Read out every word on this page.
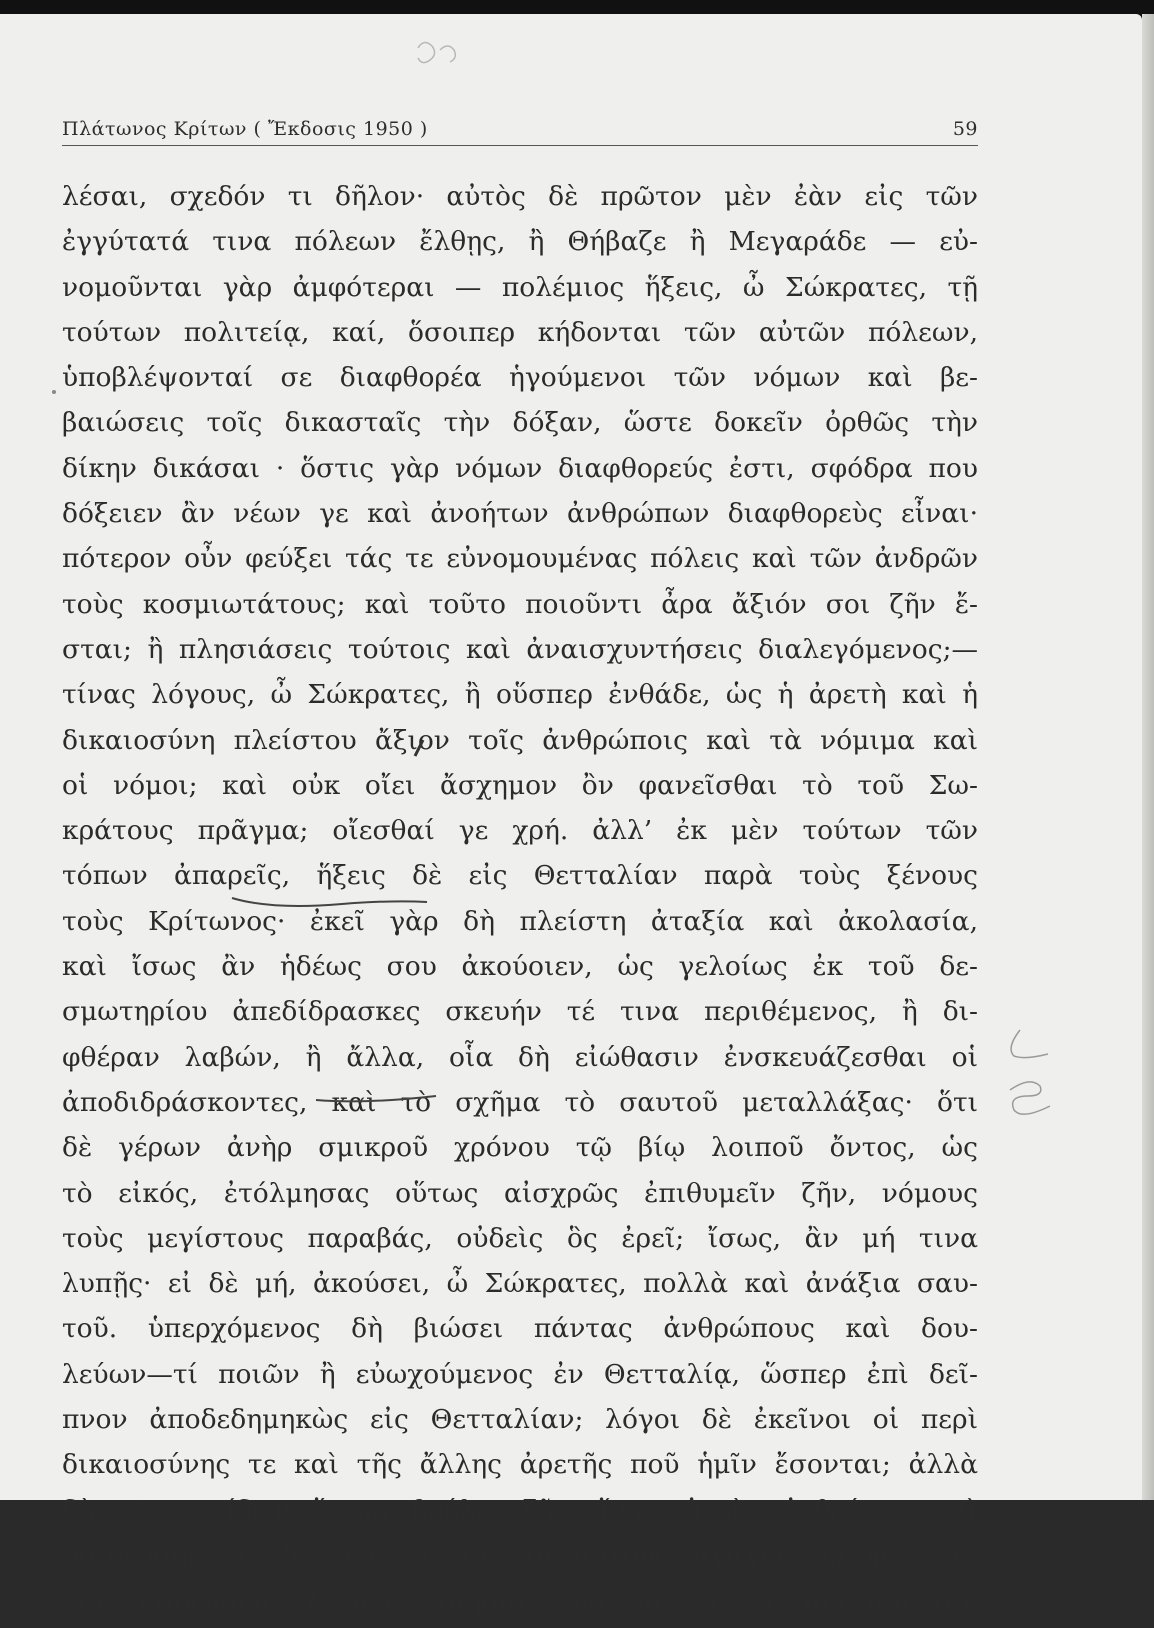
Πλάτωνος Κρίτων ( Ἔκδοσις 1950 )	59
λέσαι, σχεδόν τι δῆλον· αὐτὸς δὲ πρῶτον μὲν ἐὰν εἰς τῶν
ἐγγύτατά τινα πόλεων ἔλθῃς, ἢ Θήβαζε ἢ Μεγαράδε — εὐ-
νομοῦνται γὰρ ἀμφότεραι — πολέμιος ἥξεις, ὦ Σώκρατες, τῇ
τούτων πολιτείᾳ, καί, ὅσοιπερ κήδονται τῶν αὐτῶν πόλεων,
ὑποβλέψονταί σε διαφθορέα ἡγούμενοι τῶν νόμων καὶ βε-
βαιώσεις τοῖς δικασταῖς τὴν δόξαν, ὥστε δοκεῖν ὀρθῶς τὴν
δίκην δικάσαι · ὅστις γὰρ νόμων διαφθορεύς ἐστι, σφόδρα που
δόξειεν ἂν νέων γε καὶ ἀνοήτων ἀνθρώπων διαφθορεὺς εἶναι·
πότερον οὖν φεύξει τάς τε εὐνομουμένας πόλεις καὶ τῶν ἀνδρῶν
τοὺς κοσμιωτάτους; καὶ τοῦτο ποιοῦντι ἆρα ἄξιόν σοι ζῆν ἔ-
σται; ἢ πλησιάσεις τούτοις καὶ ἀναισχυντήσεις διαλεγόμενος;—
τίνας λόγους, ὦ Σώκρατες, ἢ οὕσπερ ἐνθάδε, ὡς ἡ ἀρετὴ καὶ ἡ
δικαιοσύνη πλείστου ἄξιον τοῖς ἀνθρώποις καὶ τὰ νόμιμα καὶ
οἱ νόμοι; καὶ οὐκ οἴει ἄσχημον ὂν φανεῖσθαι τὸ τοῦ Σω-
κράτους πρᾶγμα; οἴεσθαί γε χρή. ἀλλ’ ἐκ μὲν τούτων τῶν
τόπων ἀπαρεῖς, ἥξεις δὲ εἰς Θετταλίαν παρὰ τοὺς ξένους
τοὺς Κρίτωνος· ἐκεῖ γὰρ δὴ πλείστη ἀταξία καὶ ἀκολασία,
καὶ ἴσως ἂν ἡδέως σου ἀκούοιεν, ὡς γελοίως ἐκ τοῦ δε-
σμωτηρίου ἀπεδίδρασκες σκευήν τέ τινα περιθέμενος, ἢ δι-
φθέραν λαβών, ἢ ἄλλα, οἷα δὴ εἰώθασιν ἐνσκευάζεσθαι οἱ
ἀποδιδράσκοντες, καὶ τὸ σχῆμα τὸ σαυτοῦ μεταλλάξας· ὅτι
δὲ γέρων ἀνὴρ σμικροῦ χρόνου τῷ βίῳ λοιποῦ ὄντος, ὡς
τὸ εἰκός, ἐτόλμησας οὕτως αἰσχρῶς ἐπιθυμεῖν ζῆν, νόμους
τοὺς μεγίστους παραβάς, οὐδεὶς ὃς ἐρεῖ; ἴσως, ἂν μή τινα
λυπῇς· εἰ δὲ μή, ἀκούσει, ὦ Σώκρατες, πολλὰ καὶ ἀνάξια σαυ-
τοῦ. ὑπερχόμενος δὴ βιώσει πάντας ἀνθρώπους καὶ δου-
λεύων—τί ποιῶν ἢ εὐωχούμενος ἐν Θετταλίᾳ, ὥσπερ ἐπὶ δεῖ-
πνον ἀποδεδημηκὼς εἰς Θετταλίαν; λόγοι δὲ ἐκεῖνοι οἱ περὶ
δικαιοσύνης τε καὶ τῆς ἄλλης ἀρετῆς ποῦ ἡμῖν ἔσονται; ἀλλὰ
δὴ τῶν παίδων ἕνεκα βούλει ζῆν, ἵνα αὐτοὺς ἐκθρέψῃς καὶ
παιδεύσῃς; τί δέ; εἰς Θετταλίαν αὐτοὺς ἀγαγὼν θρέψεις τε
καὶ παιδεύσεις, ξένους ποιήσας, ἵνα καὶ τοῦτο σοῦ ἀπολαύ-
